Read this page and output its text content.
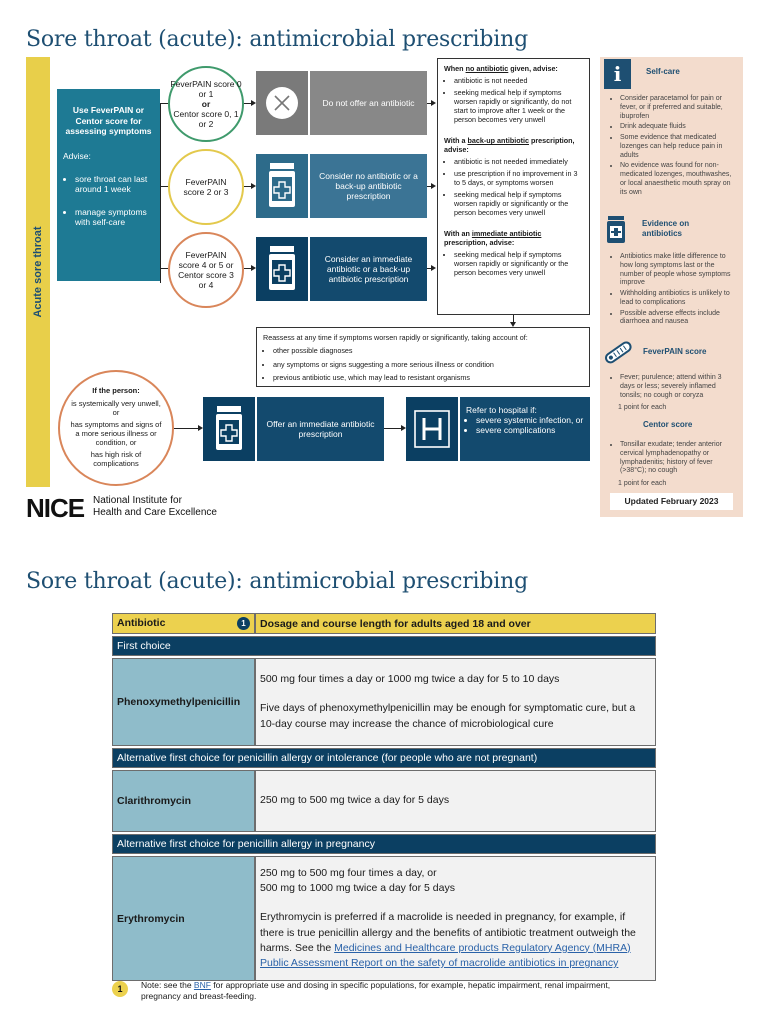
Sore throat (acute): antimicrobial prescribing
Acute sore throat
Use FeverPAIN or Centor score for assessing symptoms
Advise:
• sore throat can last around 1 week
• manage symptoms with self-care
FeverPAIN score 0 or 1
or
Centor score 0, 1 or 2
FeverPAIN score 2 or 3
FeverPAIN score 4 or 5 or Centor score 3 or 4
Do not offer an antibiotic
Consider no antibiotic or a back-up antibiotic prescription
Consider an immediate antibiotic or a back-up antibiotic prescription
When no antibiotic given, advise:
• antibiotic is not needed
• seeking medical help if symptoms worsen rapidly or significantly, do not start to improve after 1 week or the person becomes very unwell
With a back-up antibiotic prescription, advise:
• antibiotic is not needed immediately
• use prescription if no improvement in 3 to 5 days, or symptoms worsen
• seeking medical help if symptoms worsen rapidly or significantly or the person becomes very unwell
With an immediate antibiotic prescription, advise:
• seeking medical help if symptoms worsen rapidly or significantly or the person becomes very unwell
Reassess at any time if symptoms worsen rapidly or significantly, taking account of:
• other possible diagnoses
• any symptoms or signs suggesting a more serious illness or condition
• previous antibiotic use, which may lead to resistant organisms
If the person:
is systemically very unwell, or
has symptoms and signs of a more serious illness or condition, or
has high risk of complications
Offer an immediate antibiotic prescription
Refer to hospital if:
• severe systemic infection, or
• severe complications
i	Self-care
• Consider paracetamol for pain or fever, or if preferred and suitable, ibuprofen
• Drink adequate fluids
• Some evidence that medicated lozenges can help reduce pain in adults
• No evidence was found for non-medicated lozenges, mouthwashes, or local anaesthetic mouth spray on its own
Evidence on antibiotics
• Antibiotics make little difference to how long symptoms last or the number of people whose symptoms improve
• Withholding antibiotics is unlikely to lead to complications
• Possible adverse effects include diarrhoea and nausea
FeverPAIN score
• Fever; purulence; attend within 3 days or less; severely inflamed tonsils; no cough or coryza
1 point for each
Centor score
• Tonsillar exudate; tender anterior cervical lymphadenopathy or lymphadenitis; history of fever (>38°C); no cough
1 point for each
Updated February 2023
NICE National Institute for
Health and Care Excellence
Sore throat (acute): antimicrobial prescribing
Antibiotic 1	Dosage and course length for adults aged 18 and over
First choice	
Phenoxymethylpenicillin	500 mg four times a day or 1000 mg twice a day for 5 to 10 days

Five days of phenoxymethylpenicillin may be enough for symptomatic cure, but a 10-day course may increase the chance of microbiological cure

Alternative first choice for penicillin allergy or intolerance (for people who are not pregnant)	
Clarithromycin	250 mg to 500 mg twice a day for 5 days

Alternative first choice for penicillin allergy in pregnancy	
Erythromycin	250 mg to 500 mg four times a day, or
500 mg to 1000 mg twice a day for 5 days

Erythromycin is preferred if a macrolide is needed in pregnancy, for example, if there is true penicillin allergy and the benefits of antibiotic treatment outweigh the harms. See the Medicines and Healthcare products Regulatory Agency (MHRA) Public Assessment Report on the safety of macrolide antibiotics in pregnancy

1	Note: see the BNF for appropriate use and dosing in specific populations, for example, hepatic impairment, renal impairment, pregnancy and breast-feeding.
